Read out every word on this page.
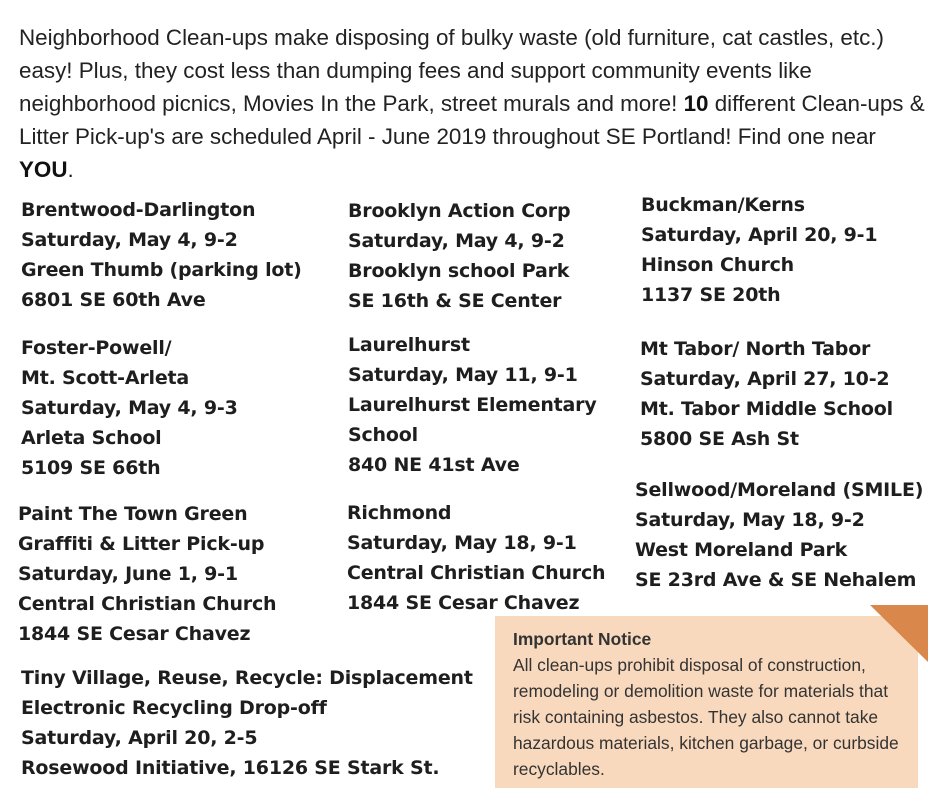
Neighborhood Clean-ups make disposing of bulky waste (old furniture, cat castles, etc.) easy! Plus, they cost less than dumping fees and support community events like neighborhood picnics, Movies In the Park, street murals and more! 10 different Clean-ups & Litter Pick-up's are scheduled April - June 2019 throughout SE Portland! Find one near YOU.
Brentwood-Darlington
Saturday, May 4, 9-2
Green Thumb (parking lot)
6801 SE 60th Ave
Foster-Powell/
Mt. Scott-Arleta
Saturday, May 4, 9-3
Arleta School
5109 SE 66th
Paint The Town Green
Graffiti & Litter Pick-up
Saturday, June 1, 9-1
Central Christian Church
1844 SE Cesar Chavez
Tiny Village, Reuse, Recycle: Displacement
Electronic Recycling Drop-off
Saturday, April 20, 2-5
Rosewood Initiative, 16126 SE Stark St.
Brooklyn Action Corp
Saturday, May 4, 9-2
Brooklyn school Park
SE 16th & SE Center
Laurelhurst
Saturday, May 11, 9-1
Laurelhurst Elementary
School
840 NE 41st Ave
Richmond
Saturday, May 18, 9-1
Central Christian Church
1844 SE Cesar Chavez
Buckman/Kerns
Saturday, April 20, 9-1
Hinson Church
1137 SE 20th
Mt Tabor/ North Tabor
Saturday, April 27, 10-2
Mt. Tabor Middle School
5800 SE Ash St
Sellwood/Moreland (SMILE)
Saturday, May 18, 9-2
West Moreland Park
SE 23rd Ave & SE Nehalem
Important Notice
All clean-ups prohibit disposal of construction, remodeling or demolition waste for materials that risk containing asbestos. They also cannot take hazardous materials, kitchen garbage, or curbside recyclables.
